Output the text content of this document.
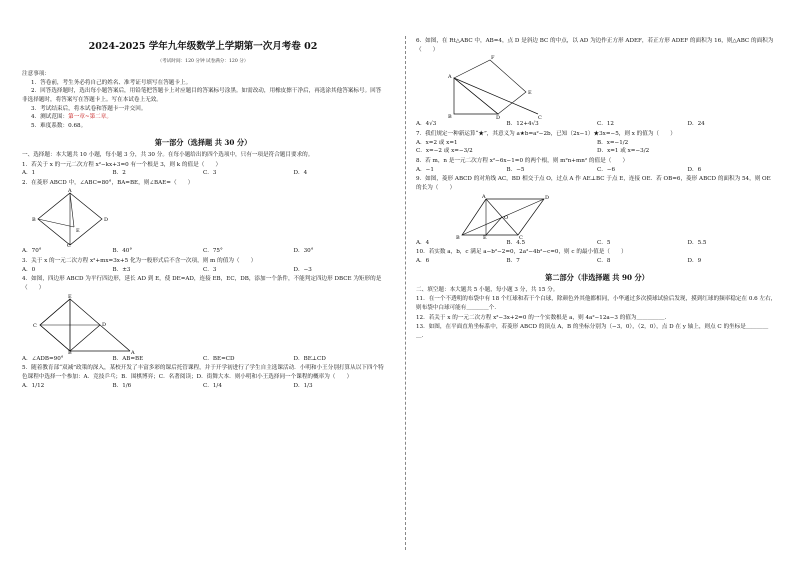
2024-2025 学年九年级数学上学期第一次月考卷 02
（考试时间：120 分钟 试卷满分：120 分）
注意事项：
1．答卷前，考生务必将自己的姓名、准考证号填写在答题卡上。
2．回答选择题时，选出每小题答案后，用铅笔把答题卡上对应题目的答案标号涂黑。如需改动，用橡皮擦干净后，再选涂其他答案标号。回答非选择题时，将答案写在答题卡上。写在本试卷上无效。
3．考试结束后，将本试卷和答题卡一并交回。
4．测试范围：第一章~第二章。
5．难度系数：0.68。
第一部分（选择题 共 30 分）
一、选择题：本大题共 10 小题，每小题 3 分，共 30 分。在每小题给出的四个选项中，只有一项是符合题目要求的。
1．若关于 x 的一元二次方程 x²−kx+3=0 有一个根是 3，则 k 的值是（　　）
A．1	B．2	C．3	D．4
2．在菱形 ABCD 中，∠ABC=80°，BA=BE，则∠BAE=（　　）
A
B
C
D
E
A．70°	B．40°	C．75°	D．30°
3．关于 x 的一元二次方程 x²+mx=3x+5 化为一般形式后不含一次项，则 m 的值为（　　）
A．0	B．±3	C．3	D．−3
4．如图，四边形 ABCD 为平行四边形，延长 AD 到 E，使 DE=AD，连接 EB，EC，DB，添加一个条件，不能判定四边形 DBCE 为矩形的是（　　）
E
C	D
B	A
A．∠ADB=90°	B．AB=BE	C．BE=CD	D．BE⊥CD
5．随着教育部“双减”政策的深入，某校开发了丰富多彩的课后托管课程，并于开学初进行了学生自主选课活动．小明和小王分别打算从以下四个特色课程中选择一个参加：A．竞技乒乓；B．围棋博弈；C．名著阅读；D．街舞大本．则小明和小王选择同一个课程的概率为（　　）
A．1/12	B．1/6	C．1/4	D．1/3
6．如图，在 Rt△ABC 中，AB=4，点 D 是斜边 BC 的中点，以 AD 为边作正方形 ADEF，若正方形 ADEF 的面积为 16，则△ABC 的面积为（　　）
F
A
E
B	D	C
A．4√3	B．12+4√3	C．12	D．24
7．我们规定一种新运算“★”，其意义为 a★b=a²−2b，已知（2x−1）★3x=−5，则 x 的值为（　　）
A．x=2 或 x=1	B．x=−1/2
C．x=−2 或 x=−3/2	D．x=1 或 x=−3/2
8．若 m，n 是一元二次方程 x²−6x−1=0 的两个根，则 m²n+mn² 的值是（　　）
A．−1	B．−5	C．−6	D．6
9．如图，菱形 ABCD 的对角线 AC，BD 相交于点 O，过点 A 作 AE⊥BC 于点 E，连接 OE．若 OB=6，菱形 ABCD 的面积为 54，则 OE 的长为（　　）
A	D
O
B	E	C
A．4	B．4.5	C．5	D．5.5
10．若实数 a，b，c 满足 a−b²−2=0，2a²−4b²−c=0，则 c 的最小值是（　　）
A．6	B．7	C．8	D．9
第二部分（非选择题 共 90 分）
二、填空题：本大题共 5 小题，每小题 3 分，共 15 分。
11．在一个不透明的布袋中有 18 个红球和若干个白球，除颜色外其他都相同，小华通过多次摸球试验后发现，摸到红球的频率稳定在 0.6 左右，则布袋中白球可能有＿＿＿＿个．
12．若关于 x 的一元二次方程 x²−3x+2=0 的一个实数根是 a，则 4a²−12a−3 的值为＿＿＿＿＿．
13．如图，在平面直角坐标系中，若菱形 ABCD 的顶点 A，B 的坐标分别为（−3，0），（2，0），点 D 在 y 轴上，则点 C 的坐标是＿＿＿＿＿．
